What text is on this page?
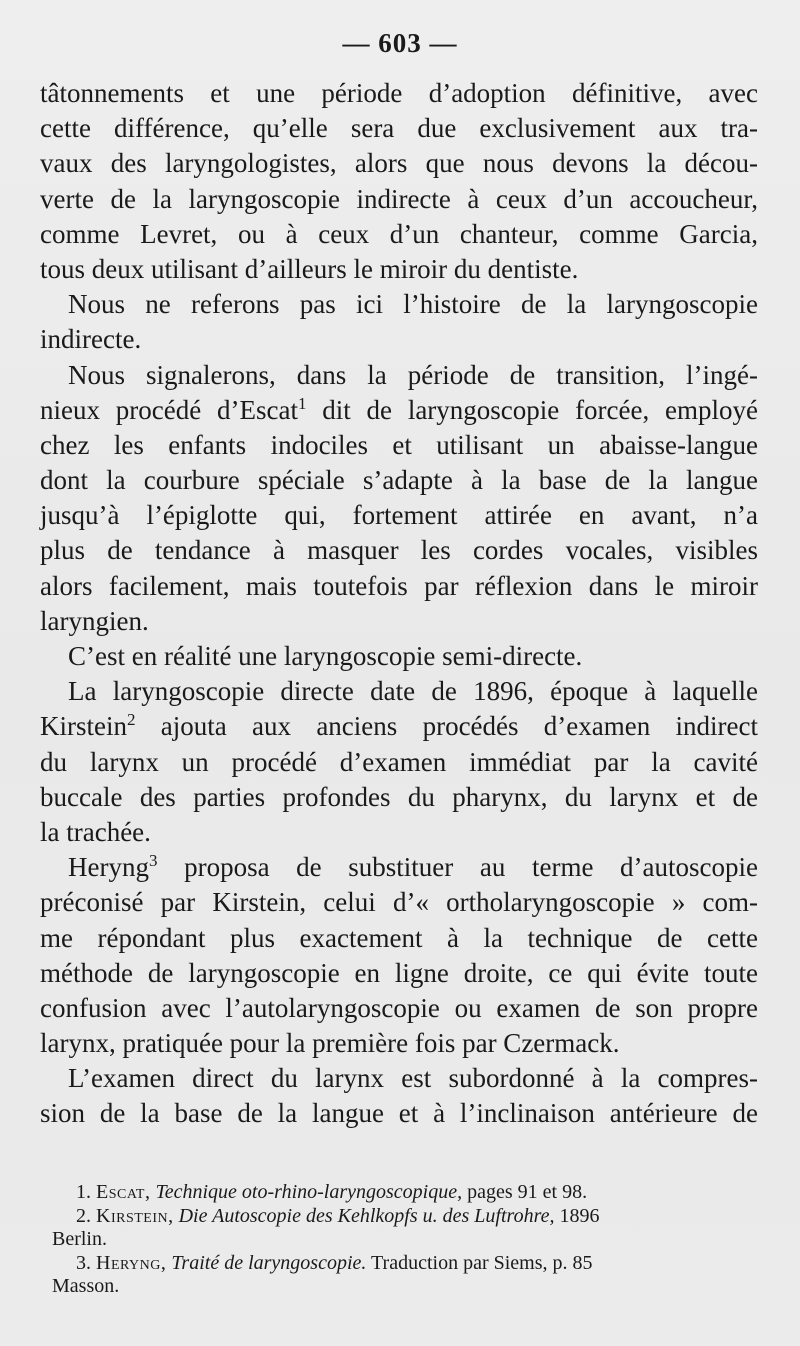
— 603 —
tâtonnements et une période d’adoption définitive, avec
cette différence, qu’elle sera due exclusivement aux tra-
vaux des laryngologistes, alors que nous devons la décou-
verte de la laryngoscopie indirecte à ceux d’un accoucheur,
comme Levret, ou à ceux d’un chanteur, comme Garcia,
tous deux utilisant d’ailleurs le miroir du dentiste.
Nous ne referons pas ici l’histoire de la laryngoscopie
indirecte.
Nous signalerons, dans la période de transition, l’ingé-
nieux procédé d’Escat$^1$ dit de laryngoscopie forcée, employé
chez les enfants indociles et utilisant un abaisse-langue
dont la courbure spéciale s’adapte à la base de la langue
jusqu’à l’épiglotte qui, fortement attirée en avant, n’a
plus de tendance à masquer les cordes vocales, visibles
alors facilement, mais toutefois par réflexion dans le miroir
laryngien.
C’est en réalité une laryngoscopie semi-directe.
La laryngoscopie directe date de 1896, époque à laquelle
Kirstein$^2$ ajouta aux anciens procédés d’examen indirect
du larynx un procédé d’examen immédiat par la cavité
buccale des parties profondes du pharynx, du larynx et de
la trachée.
Heryng$^3$ proposa de substituer au terme d’autoscopie
préconisé par Kirstein, celui d’« ortholaryngoscopie » com-
me répondant plus exactement à la technique de cette
méthode de laryngoscopie en ligne droite, ce qui évite toute
confusion avec l’autolaryngoscopie ou examen de son propre
larynx, pratiquée pour la première fois par Czermack.
L’examen direct du larynx est subordonné à la compres-
sion de la base de la langue et à l’inclinaison antérieure de
1. Escat, Technique oto-rhino-laryngoscopique, pages 91 et 98.
2. Kirstein, Die Autoscopie des Kehlkopfs u. des Luftrohre, 1896
Berlin.
3. Heryng, Traité de laryngoscopie. Traduction par Siems, p. 85
Masson.
